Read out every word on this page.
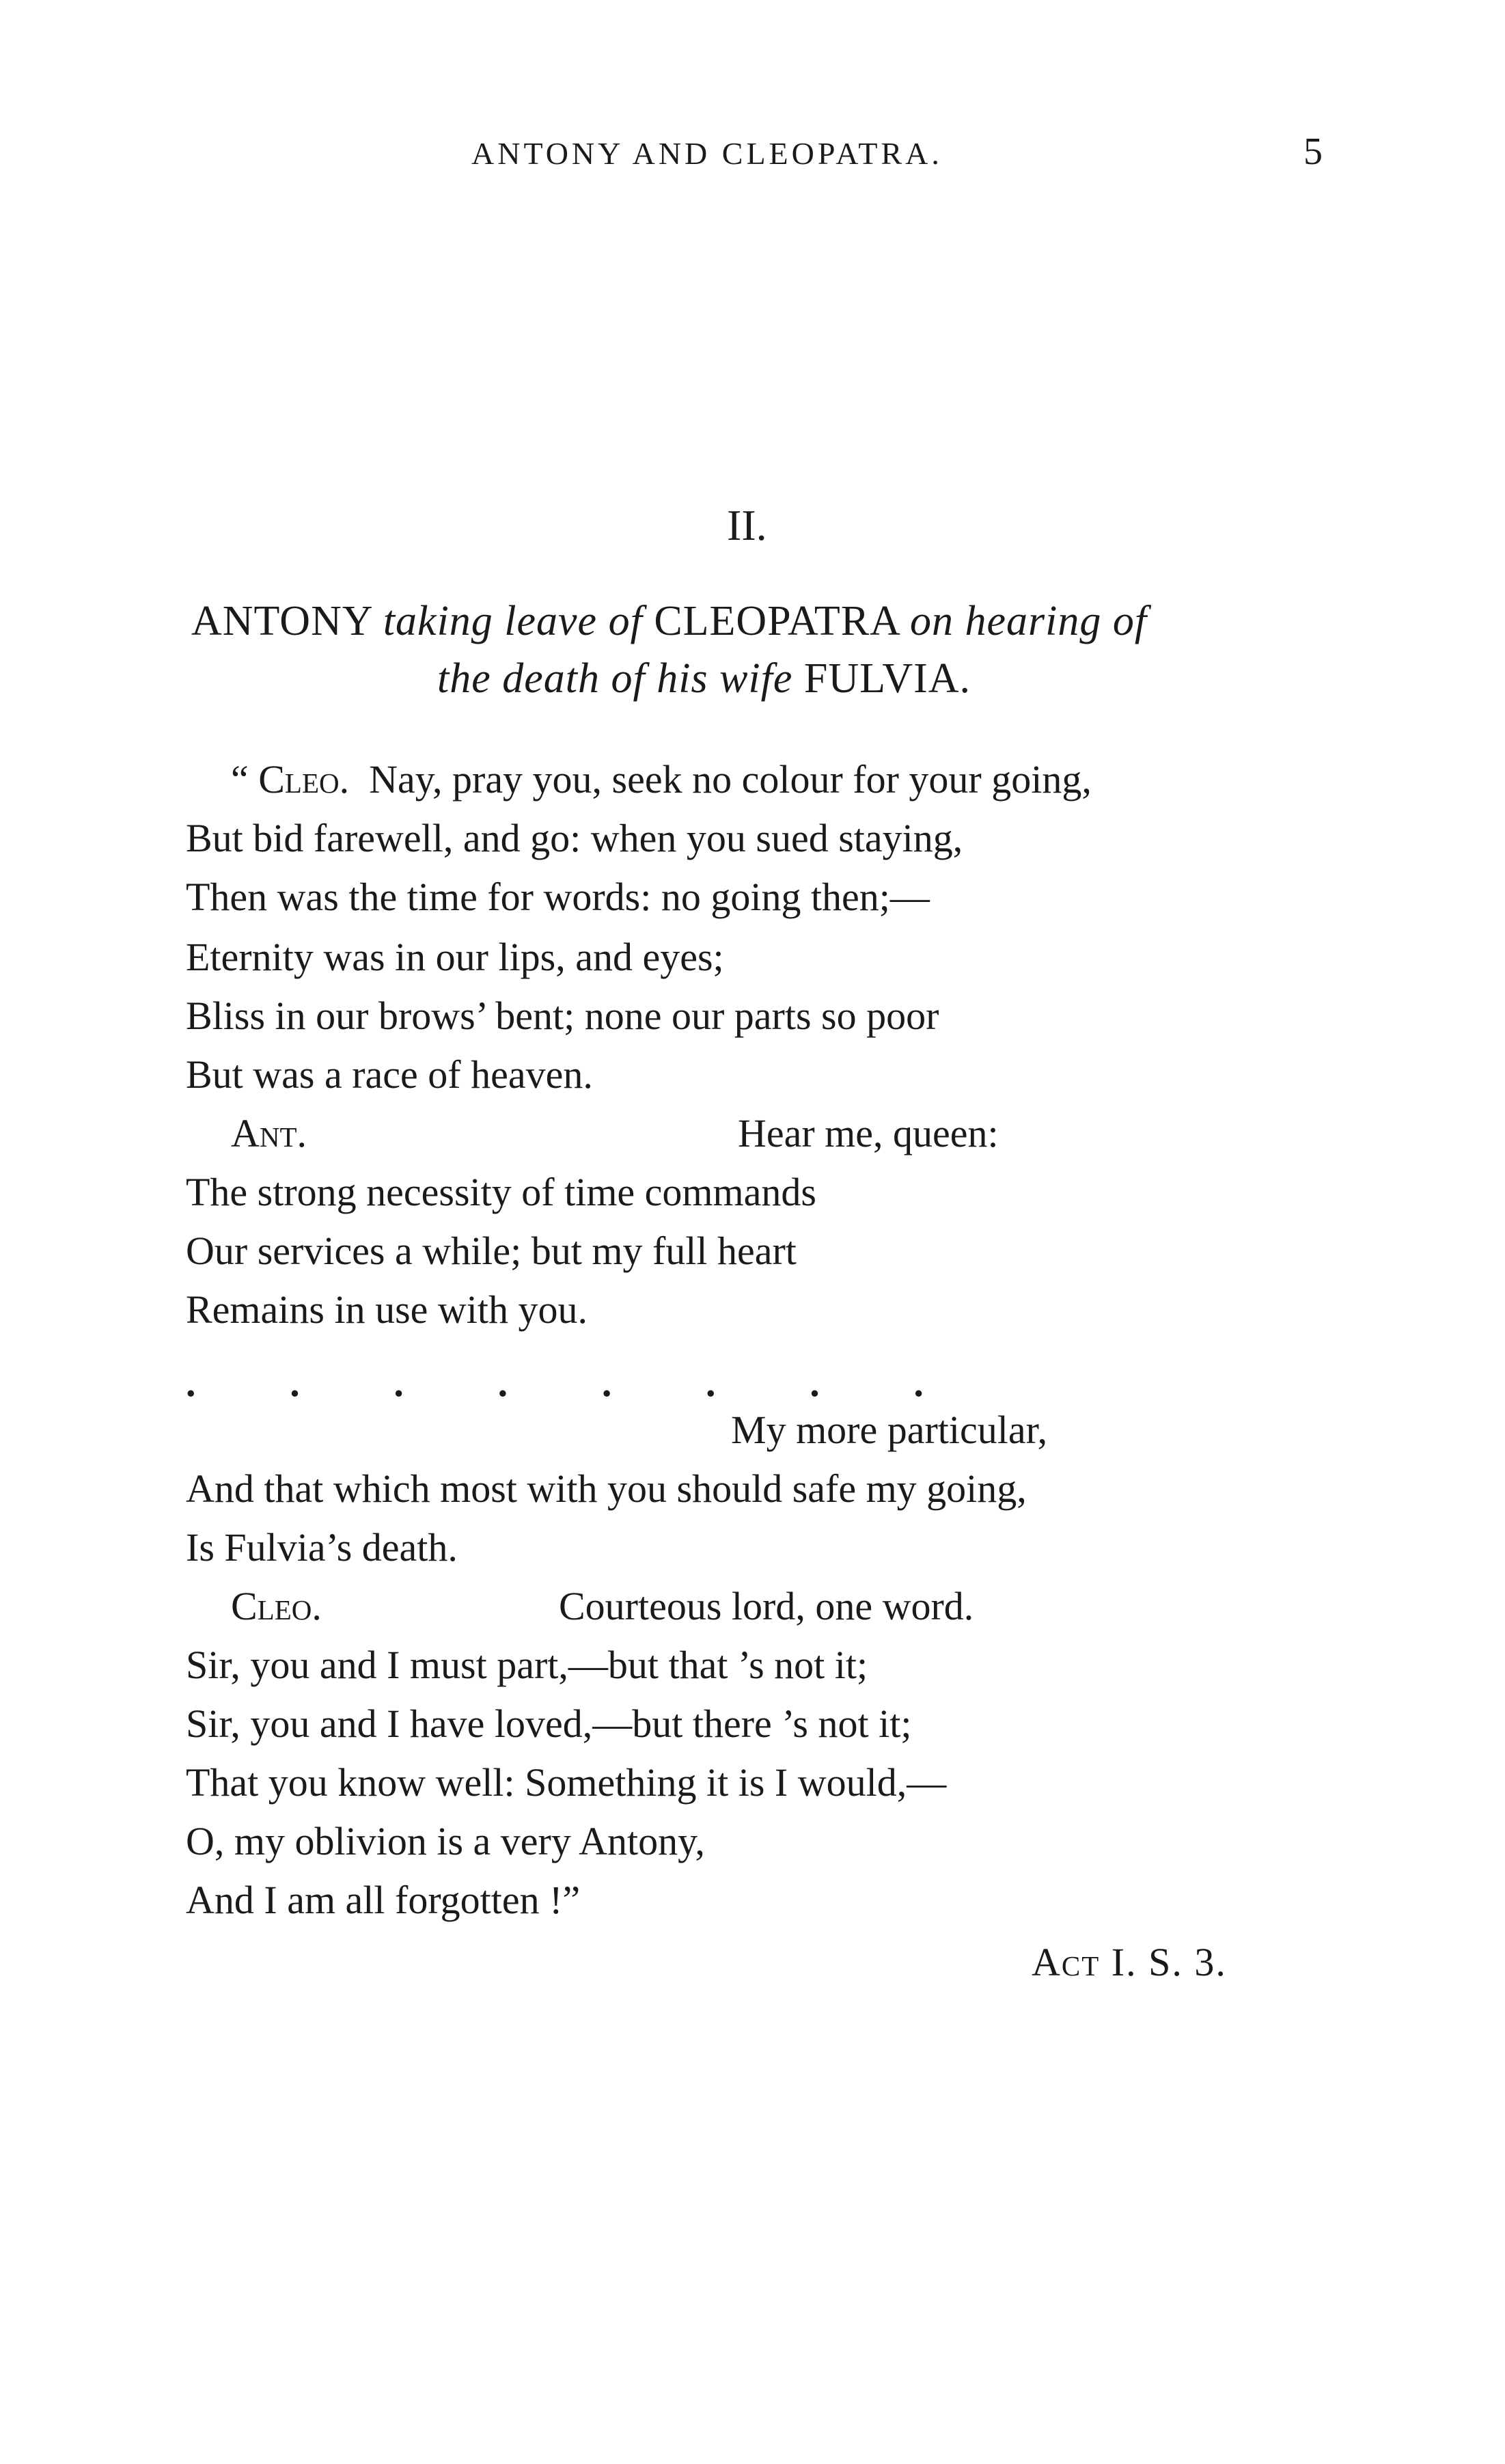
ANTONY AND CLEOPATRA.	5
II.
ANTONY taking leave of CLEOPATRA on hearing of
the death of his wife FULVIA.
“ Cleo. Nay, pray you, seek no colour for your going,
But bid farewell, and go: when you sued staying,
Then was the time for words: no going then;—
Eternity was in our lips, and eyes;
Bliss in our brows’ bent; none our parts so poor
But was a race of heaven.
Ant.	Hear me, queen:
The strong necessity of time commands
Our services a while; but my full heart
Remains in use with you.
. . . . . . . .
My more particular,
And that which most with you should safe my going,
Is Fulvia’s death.
Cleo.	Courteous lord, one word.
Sir, you and I must part,—but that ’s not it;
Sir, you and I have loved,—but there ’s not it;
That you know well: Something it is I would,—
O, my oblivion is a very Antony,
And I am all forgotten !”
Act I. S. 3.
